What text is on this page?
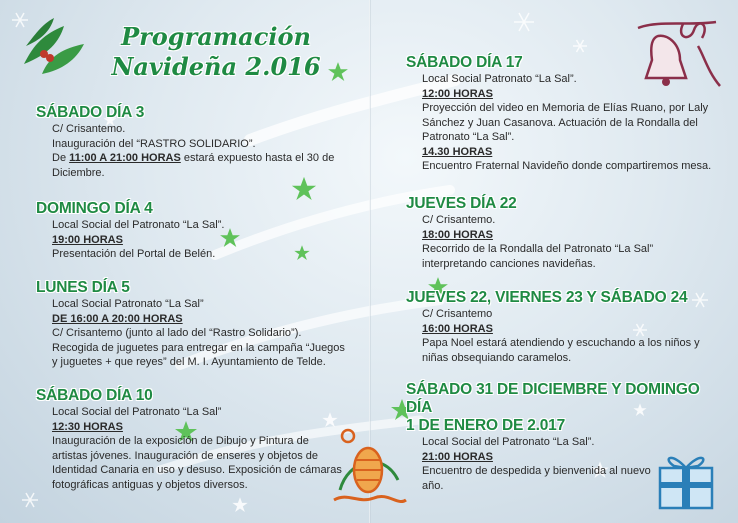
Programación
Navideña 2.016
SÁBADO DÍA 3
C/ Crisantemo.
Inauguración del “RASTRO SOLIDARIO”.
De 11:00 A 21:00 HORAS estará expuesto hasta el 30 de
Diciembre.
DOMINGO DÍA 4
Local Social del Patronato “La Sal”.
19:00 HORAS
Presentación del Portal de Belén.
LUNES DÍA 5
Local Social Patronato “La Sal”
DE 16:00 A 20:00 HORAS
C/ Crisantemo (junto al lado del “Rastro Solidario”).
Recogida de juguetes para entregar en la campaña “Juegos
y juguetes + que reyes” del M. I. Ayuntamiento de Telde.
SÁBADO DÍA 10
Local Social del Patronato “La Sal”
12:30 HORAS
Inauguración de la exposición de Dibujo y Pintura de
artistas jóvenes. Inauguración de enseres y objetos de
Identidad Canaria en uso y desuso. Exposición de cámaras
fotográficas antiguas y objetos diversos.
SÁBADO DÍA 17
Local Social Patronato “La Sal”.
12:00 HORAS
Proyección del video en Memoria de Elías Ruano, por Laly
Sánchez y Juan Casanova. Actuación de la Rondalla del
Patronato “La Sal”.
14.30 HORAS
Encuentro Fraternal Navideño donde compartiremos mesa.
JUEVES DÍA 22
C/ Crisantemo.
18:00 HORAS
Recorrido de la Rondalla del Patronato “La Sal”
interpretando canciones navideñas.
JUEVES 22, VIERNES 23 Y SÁBADO 24
C/ Crisantemo
16:00 HORAS
Papa Noel estará atendiendo y escuchando a los niños y
niñas obsequiando caramelos.
SÁBADO 31 DE DICIEMBRE Y DOMINGO DÍA
1 DE ENERO DE 2.017
Local Social del Patronato “La Sal”.
21:00 HORAS
Encuentro de despedida y bienvenida al nuevo
año.
